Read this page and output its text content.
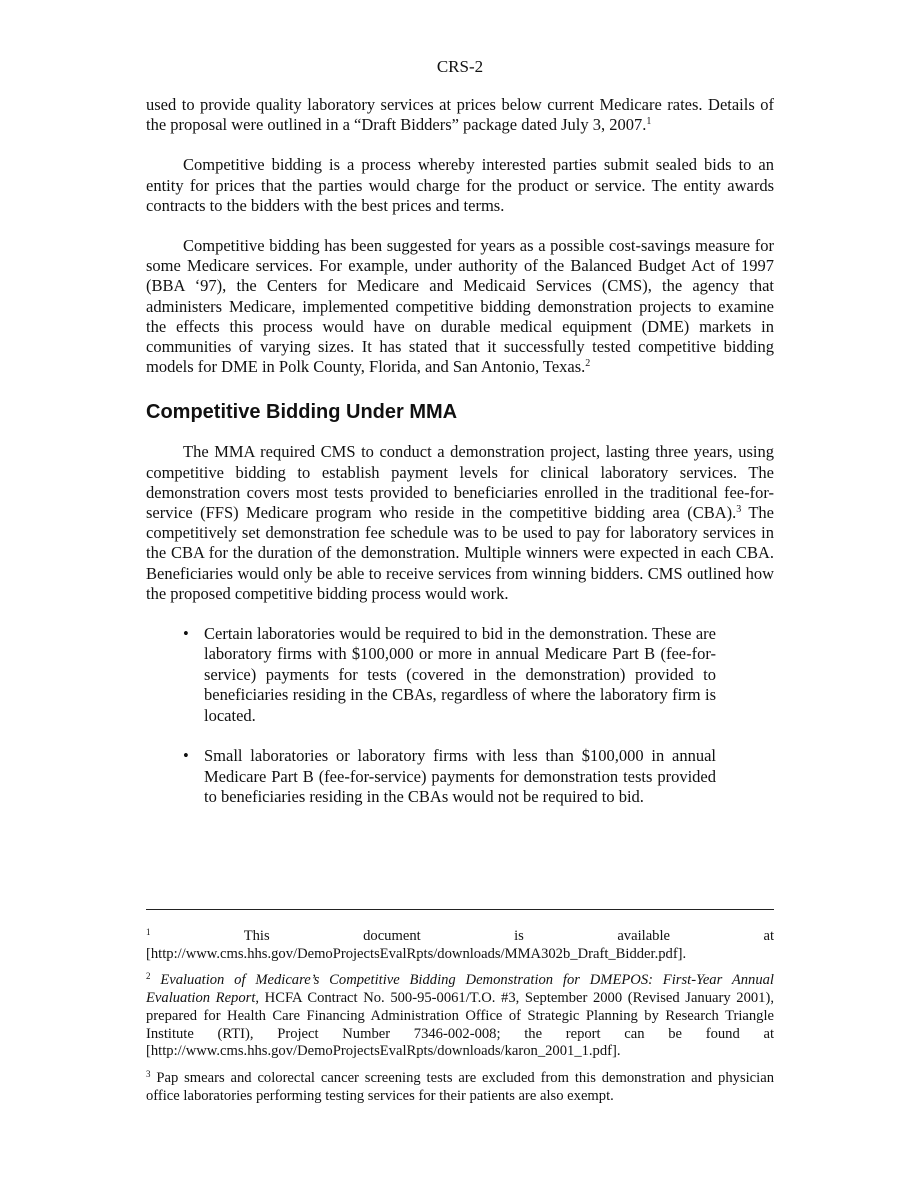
CRS-2

used to provide quality laboratory services at prices below current Medicare rates. Details of the proposal were outlined in a “Draft Bidders” package dated July 3, 2007.$^1$

Competitive bidding is a process whereby interested parties submit sealed bids to an entity for prices that the parties would charge for the product or service. The entity awards contracts to the bidders with the best prices and terms.

Competitive bidding has been suggested for years as a possible cost-savings measure for some Medicare services. For example, under authority of the Balanced Budget Act of 1997 (BBA ‘97), the Centers for Medicare and Medicaid Services (CMS), the agency that administers Medicare, implemented competitive bidding demonstration projects to examine the effects this process would have on durable medical equipment (DME) markets in communities of varying sizes. It has stated that it successfully tested competitive bidding models for DME in Polk County, Florida, and San Antonio, Texas.$^2$

Competitive Bidding Under MMA

The MMA required CMS to conduct a demonstration project, lasting three years, using competitive bidding to establish payment levels for clinical laboratory services. The demonstration covers most tests provided to beneficiaries enrolled in the traditional fee-for-service (FFS) Medicare program who reside in the competitive bidding area (CBA).$^3$ The competitively set demonstration fee schedule was to be used to pay for laboratory services in the CBA for the duration of the demonstration. Multiple winners were expected in each CBA. Beneficiaries would only be able to receive services from winning bidders. CMS outlined how the proposed competitive bidding process would work.

• Certain laboratories would be required to bid in the demonstration. These are laboratory firms with $100,000 or more in annual Medicare Part B (fee-for-service) payments for tests (covered in the demonstration) provided to beneficiaries residing in the CBAs, regardless of where the laboratory firm is located.
• Small laboratories or laboratory firms with less than $100,000 in annual Medicare Part B (fee-for-service) payments for demonstration tests provided to beneficiaries residing in the CBAs would not be required to bid.

$^1$ This document is available at [http://www.cms.hhs.gov/DemoProjectsEvalRpts/downloads/MMA302b_Draft_Bidder.pdf].

$^2$ Evaluation of Medicare’s Competitive Bidding Demonstration for DMEPOS: First-Year Annual Evaluation Report, HCFA Contract No. 500-95-0061/T.O. #3, September 2000 (Revised January 2001), prepared for Health Care Financing Administration Office of Strategic Planning by Research Triangle Institute (RTI), Project Number 7346-002-008; the report can be found at [http://www.cms.hhs.gov/DemoProjectsEvalRpts/downloads/karon_2001_1.pdf].

$^3$ Pap smears and colorectal cancer screening tests are excluded from this demonstration and physician office laboratories performing testing services for their patients are also exempt.
